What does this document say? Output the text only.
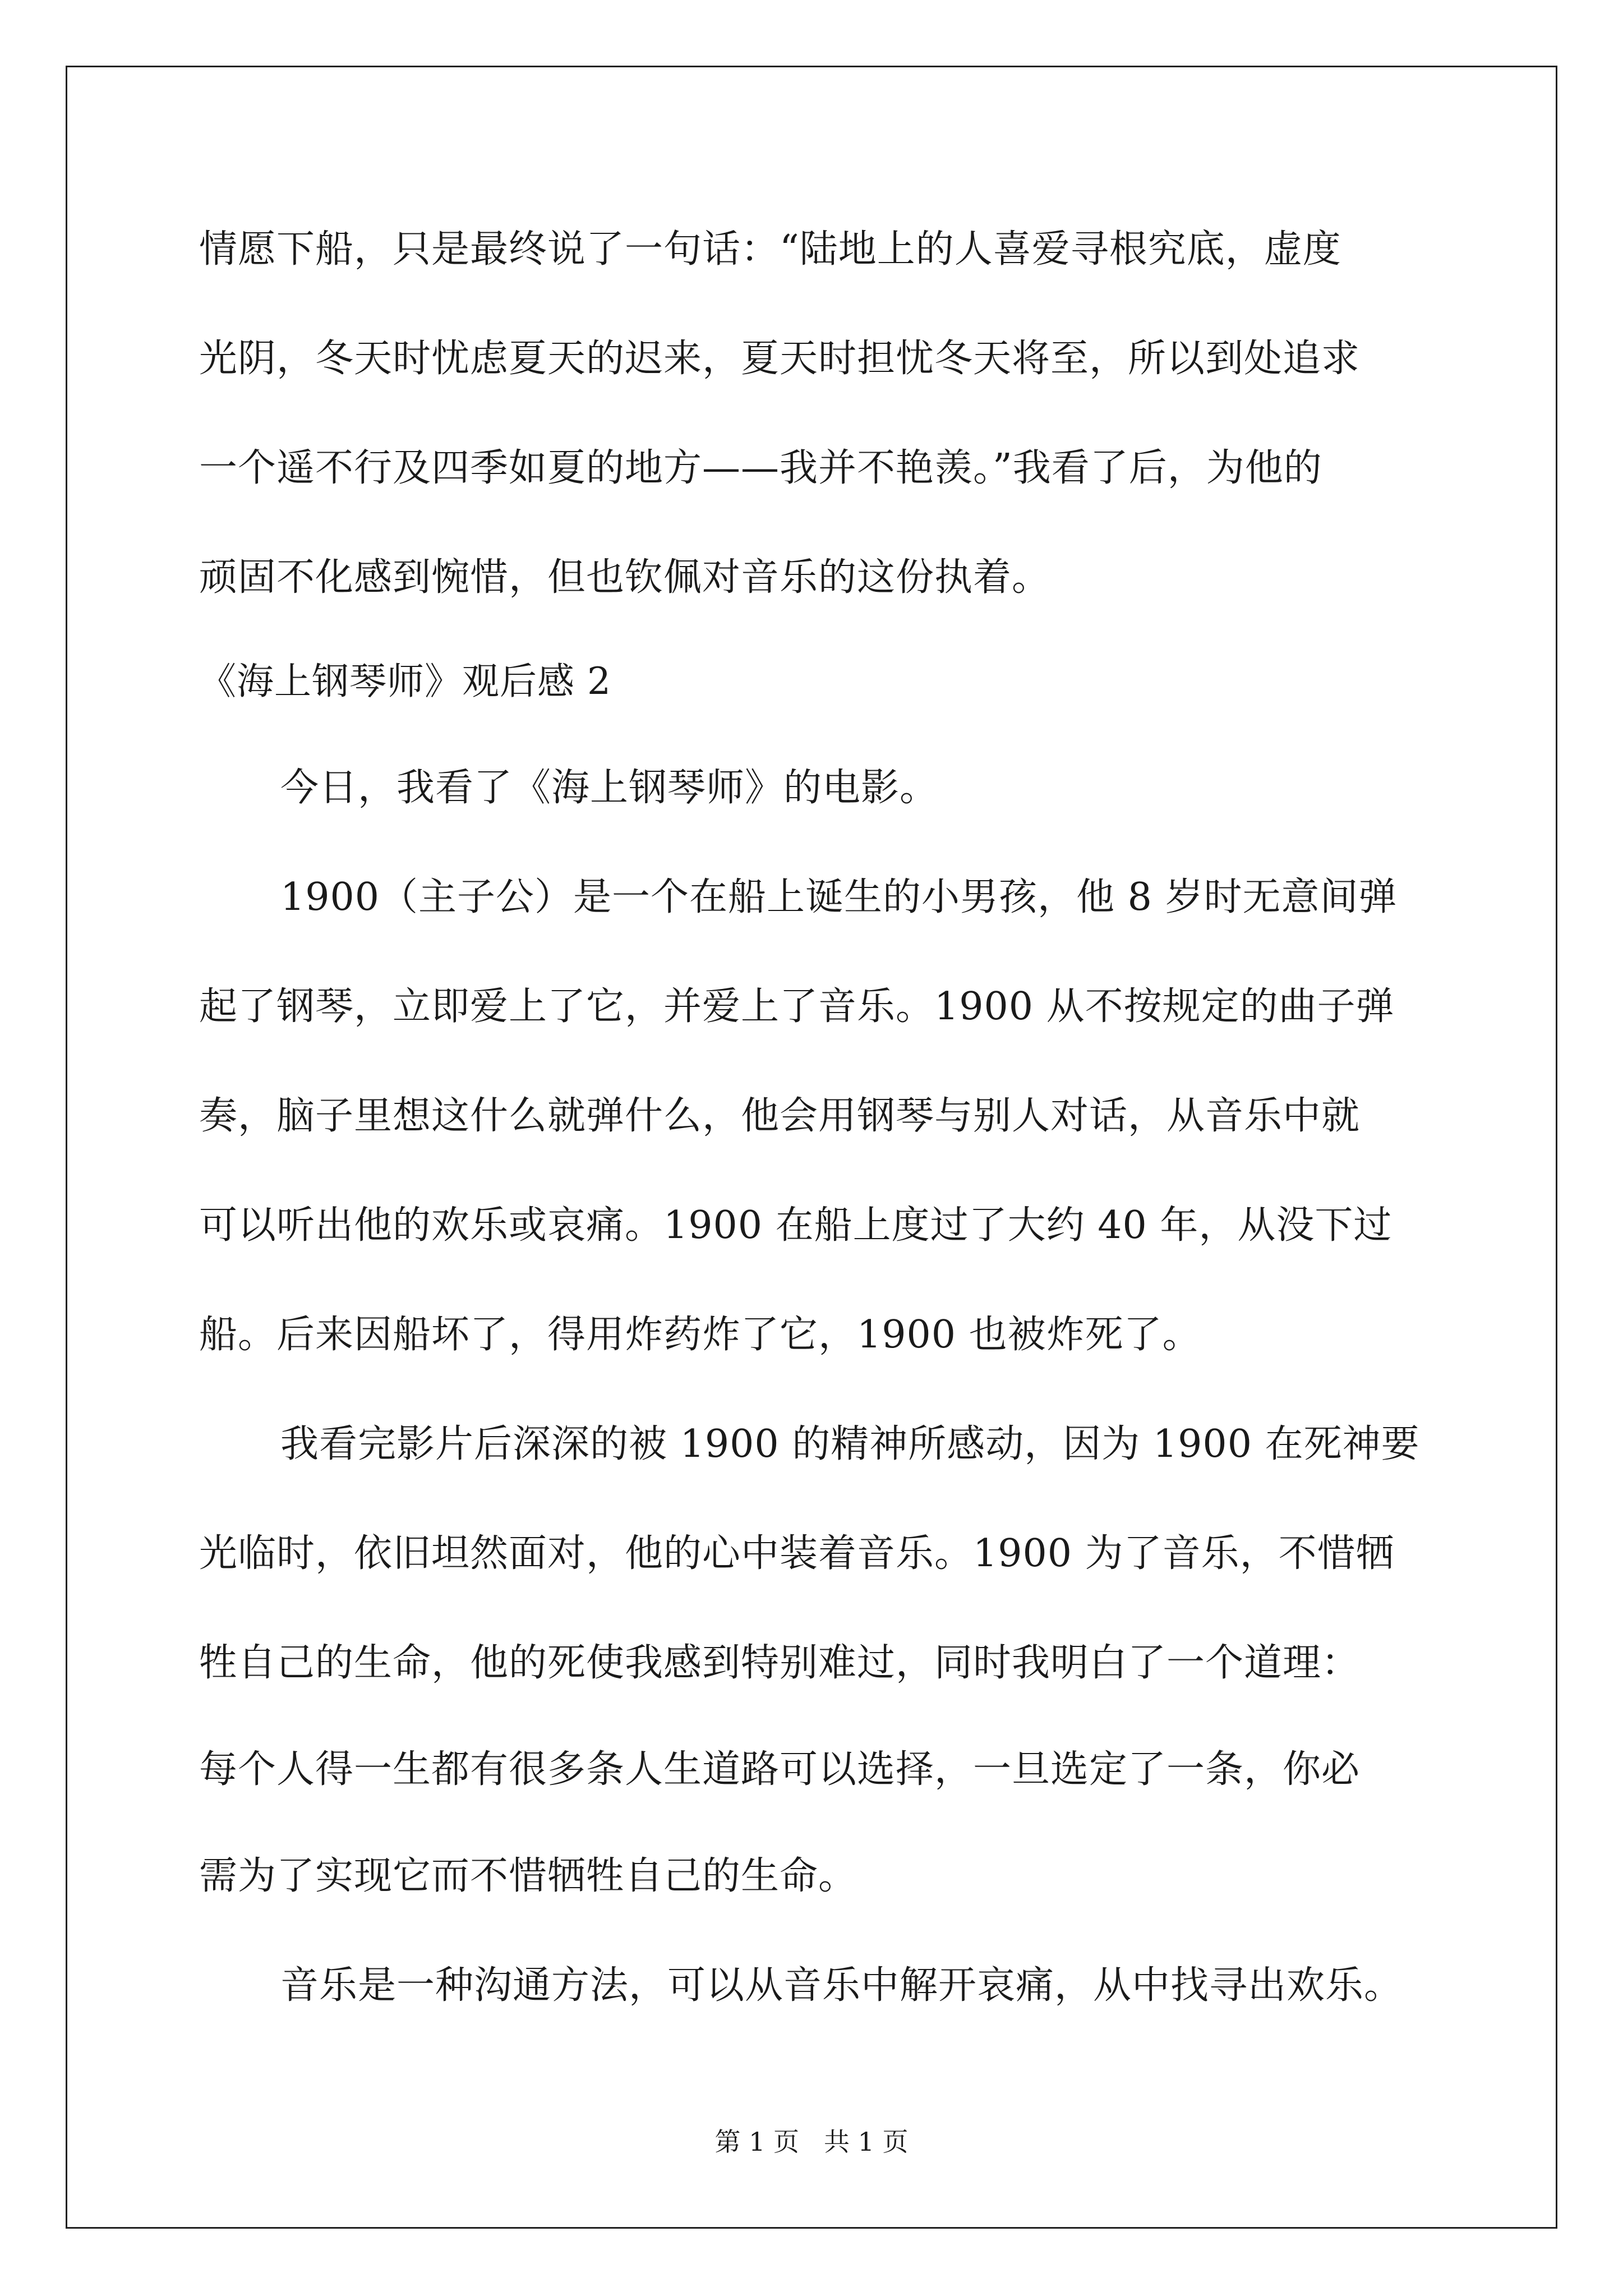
情愿下船，只是最终说了一句话：“陆地上的人喜爱寻根究底，虚度
光阴，冬天时忧虑夏天的迟来，夏天时担忧冬天将至，所以到处追求
一个遥不行及四季如夏的地方——我并不艳羡。”我看了后，为他的
顽固不化感到惋惜，但也钦佩对音乐的这份执着。
《海上钢琴师》观后感 2
今日，我看了《海上钢琴师》的电影。
1900（主子公）是一个在船上诞生的小男孩，他 8 岁时无意间弹
起了钢琴，立即爱上了它，并爱上了音乐。1900 从不按规定的曲子弹
奏，脑子里想这什么就弹什么，他会用钢琴与别人对话，从音乐中就
可以听出他的欢乐或哀痛。1900 在船上度过了大约 40 年，从没下过
船。后来因船坏了，得用炸药炸了它，1900 也被炸死了。
我看完影片后深深的被 1900 的精神所感动，因为 1900 在死神要
光临时，依旧坦然面对，他的心中装着音乐。1900 为了音乐，不惜牺
牲自己的生命，他的死使我感到特别难过，同时我明白了一个道理：
每个人得一生都有很多条人生道路可以选择，一旦选定了一条，你必
需为了实现它而不惜牺牲自己的生命。
音乐是一种沟通方法，可以从音乐中解开哀痛，从中找寻出欢乐。
第 1 页 共 1 页
